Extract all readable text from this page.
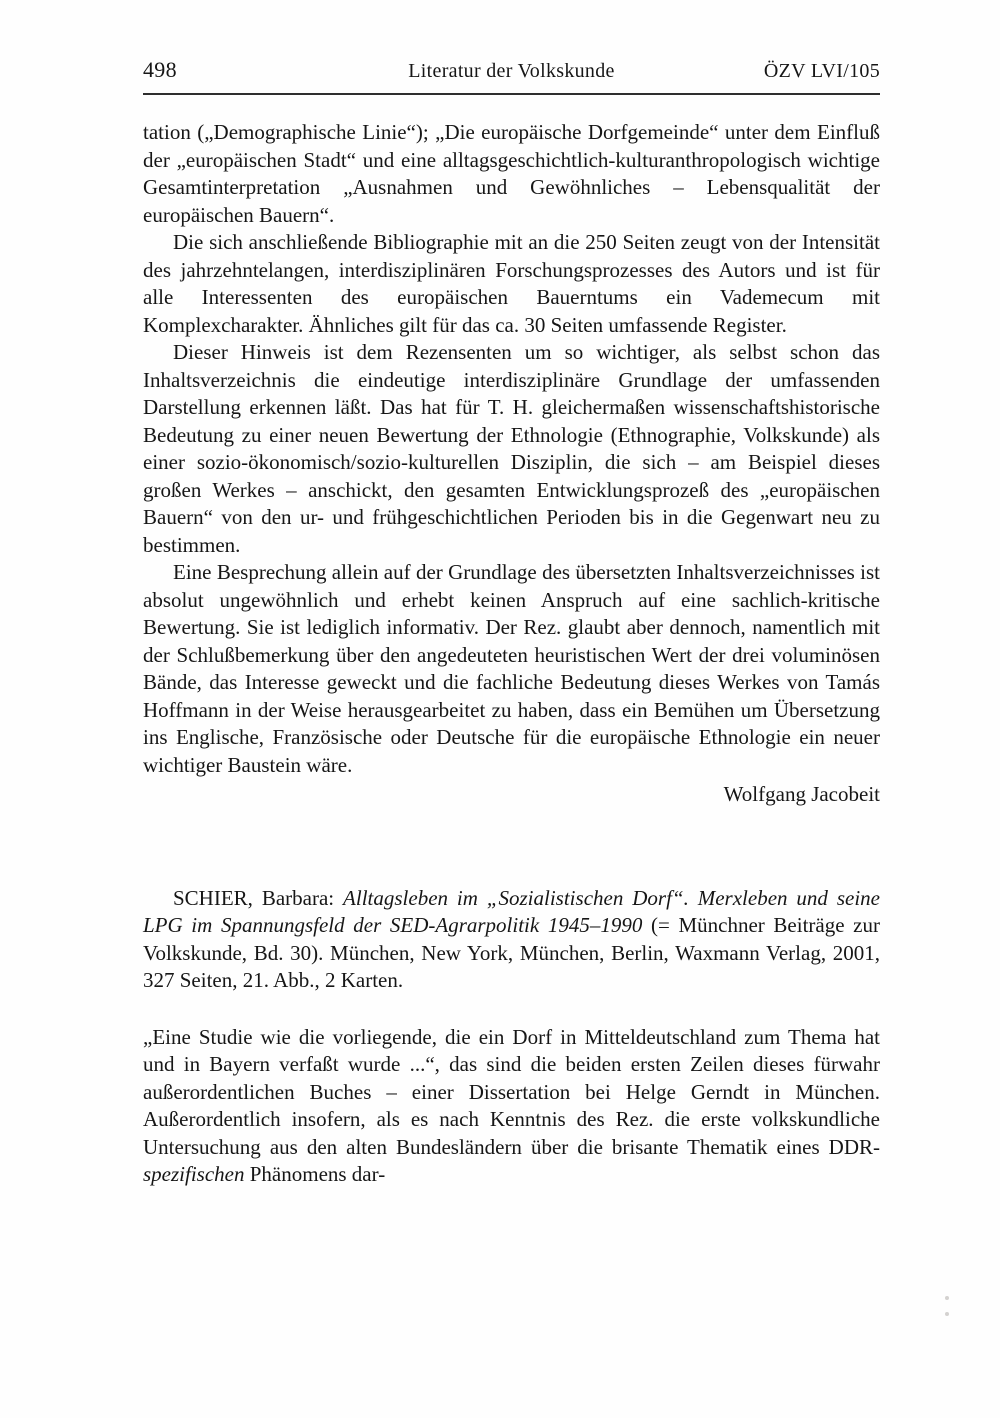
498	Literatur der Volkskunde	ÖZV LVI/105

tation („Demographische Linie“); „Die europäische Dorfgemeinde“ unter dem Einfluß der „europäischen Stadt“ und eine alltagsgeschichtlich-kulturanthropologisch wichtige Gesamtinterpretation „Ausnahmen und Gewöhnliches – Lebensqualität der europäischen Bauern“.

Die sich anschließende Bibliographie mit an die 250 Seiten zeugt von der Intensität des jahrzehntelangen, interdisziplinären Forschungsprozesses des Autors und ist für alle Interessenten des europäischen Bauerntums ein Vademecum mit Komplexcharakter. Ähnliches gilt für das ca. 30 Seiten umfassende Register.

Dieser Hinweis ist dem Rezensenten um so wichtiger, als selbst schon das Inhaltsverzeichnis die eindeutige interdisziplinäre Grundlage der umfassenden Darstellung erkennen läßt. Das hat für T. H. gleichermaßen wissenschaftshistorische Bedeutung zu einer neuen Bewertung der Ethnologie (Ethnographie, Volkskunde) als einer sozio-ökonomisch/sozio-kulturellen Disziplin, die sich – am Beispiel dieses großen Werkes – anschickt, den gesamten Entwicklungsprozeß des „europäischen Bauern“ von den ur- und frühgeschichtlichen Perioden bis in die Gegenwart neu zu bestimmen.

Eine Besprechung allein auf der Grundlage des übersetzten Inhaltsverzeichnisses ist absolut ungewöhnlich und erhebt keinen Anspruch auf eine sachlich-kritische Bewertung. Sie ist lediglich informativ. Der Rez. glaubt aber dennoch, namentlich mit der Schlußbemerkung über den angedeuteten heuristischen Wert der drei voluminösen Bände, das Interesse geweckt und die fachliche Bedeutung dieses Werkes von Tamás Hoffmann in der Weise herausgearbeitet zu haben, dass ein Bemühen um Übersetzung ins Englische, Französische oder Deutsche für die europäische Ethnologie ein neuer wichtiger Baustein wäre.

Wolfgang Jacobeit

SCHIER, Barbara: Alltagsleben im „Sozialistischen Dorf“. Merxleben und seine LPG im Spannungsfeld der SED-Agrarpolitik 1945–1990 (= Münchner Beiträge zur Volkskunde, Bd. 30). München, New York, München, Berlin, Waxmann Verlag, 2001, 327 Seiten, 21. Abb., 2 Karten.

„Eine Studie wie die vorliegende, die ein Dorf in Mitteldeutschland zum Thema hat und in Bayern verfaßt wurde ...“, das sind die beiden ersten Zeilen dieses fürwahr außerordentlichen Buches – einer Dissertation bei Helge Gerndt in München. Außerordentlich insofern, als es nach Kenntnis des Rez. die erste volkskundliche Untersuchung aus den alten Bundesländern über die brisante Thematik eines DDR-spezifischen Phänomens dar-
